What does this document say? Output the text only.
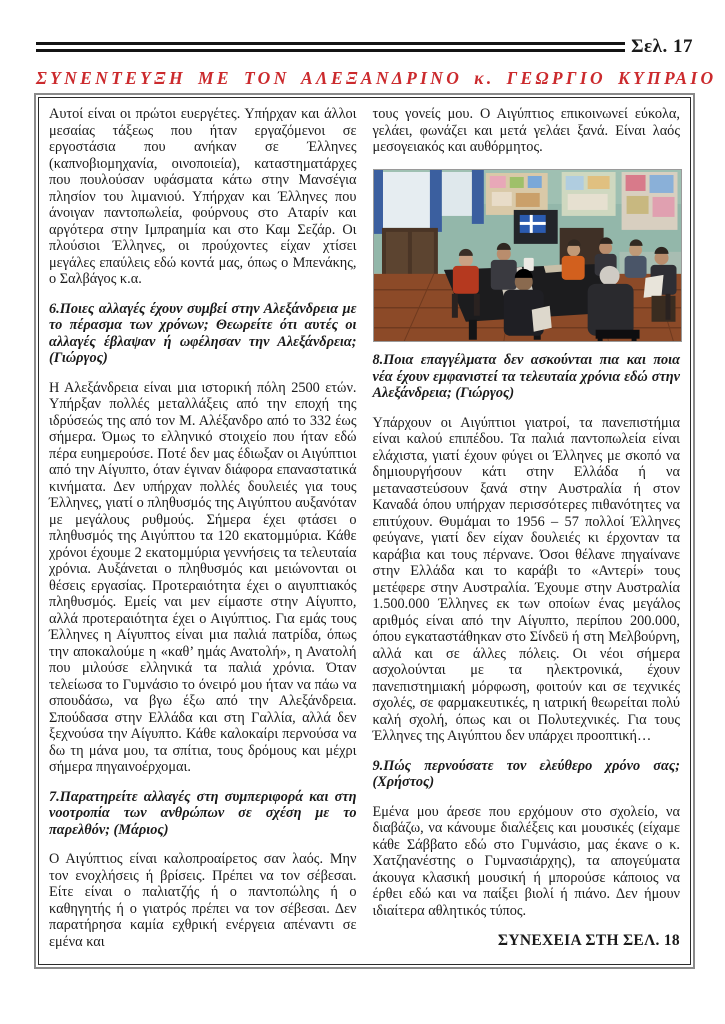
Σελ. 17
ΣΥΝΕΝΤΕΥΞΗ ΜΕ ΤΟΝ ΑΛΕΞΑΝΔΡΙΝΟ κ. ΓΕΩΡΓΙΟ ΚΥΠΡΑΙΟ

Αυτοί είναι οι πρώτοι ευεργέτες. Υπήρχαν και άλλοι μεσαίας τάξεως που ήταν εργαζόμενοι σε εργοστάσια που ανήκαν σε Έλληνες (καπνοβιομηχανία, οινοποιεία), καταστηματάρχες που πουλούσαν υφάσματα κάτω στην Μανσέγια πλησίον του λιμανιού. Υπήρχαν και Έλληνες που άνοιγαν παντοπωλεία, φούρνους στο Αταρίν και αργότερα στην Ιμπραημία και στο Καμ Σεζάρ. Οι πλούσιοι Έλληνες, οι προύχοντες είχαν χτίσει μεγάλες επαύλεις εδώ κοντά μας, όπως ο Μπενάκης, ο Σαλβάγος κ.α.

6.Ποιες αλλαγές έχουν συμβεί στην Αλεξάνδρεια με το πέρασμα των χρόνων; Θεωρείτε ότι αυτές οι αλλαγές έβλαψαν ή ωφέλησαν την Αλεξάνδρεια; (Γιώργος)

Η Αλεξάνδρεια είναι μια ιστορική πόλη 2500 ετών. Υπήρξαν πολλές μεταλλάξεις από την εποχή της ιδρύσεώς της από τον Μ. Αλέξανδρο από το 332 έως σήμερα. Όμως το ελληνικό στοιχείο που ήταν εδώ πέρα ευημερούσε. Ποτέ δεν μας έδιωξαν οι Αιγύπτιοι από την Αίγυπτο, όταν έγιναν διάφορα επαναστατικά κινήματα. Δεν υπήρχαν πολλές δουλειές για τους Έλληνες, γιατί ο πληθυσμός της Αιγύπτου αυξανόταν με μεγάλους ρυθμούς. Σήμερα έχει φτάσει ο πληθυσμός της Αιγύπτου τα 120 εκατομμύρια. Κάθε χρόνοι έχουμε 2 εκατομμύρια γεννήσεις τα τελευταία χρόνια. Αυξάνεται ο πληθυσμός και μειώνονται οι θέσεις εργασίας. Προτεραιότητα έχει ο αιγυπτιακός πληθυσμός. Εμείς ναι μεν είμαστε στην Αίγυπτο, αλλά προτεραιότητα έχει ο Αιγύπτιος. Για εμάς τους Έλληνες η Αίγυπτος είναι μια παλιά πατρίδα, όπως την αποκαλούμε η «καθ’ ημάς Ανατολή», η Ανατολή που μιλούσε ελληνικά τα παλιά χρόνια. Όταν τελείωσα το Γυμνάσιο το όνειρό μου ήταν να πάω να σπουδάσω, να βγω έξω από την Αλεξάνδρεια. Σπούδασα στην Ελλάδα και στη Γαλλία, αλλά δεν ξεχνούσα την Αίγυπτο. Κάθε καλοκαίρι περνούσα να δω τη μάνα μου, τα σπίτια, τους δρόμους και μέχρι σήμερα πηγαινοέρχομαι.

7.Παρατηρείτε αλλαγές στη συμπεριφορά και στη νοοτροπία των ανθρώπων σε σχέση με το παρελθόν; (Μάριος)

Ο Αιγύπτιος είναι καλοπροαίρετος σαν λαός. Μην τον ενοχλήσεις ή βρίσεις. Πρέπει να τον σέβεσαι. Είτε είναι ο παλιατζής ή ο παντοπώλης ή ο καθηγητής ή ο γιατρός πρέπει να τον σέβεσαι. Δεν παρατήρησα καμία εχθρική ενέργεια απέναντι σε εμένα και

τους γονείς μου. Ο Αιγύπτιος επικοινωνεί εύκολα, γελάει, φωνάζει και μετά γελάει ξανά. Είναι λαός μεσογειακός και αυθόρμητος.

8.Ποια επαγγέλματα δεν ασκούνται πια και ποια νέα έχουν εμφανιστεί τα τελευταία χρόνια εδώ στην Αλεξάνδρεια; (Γιώργος)

Υπάρχουν οι Αιγύπτιοι γιατροί, τα πανεπιστήμια είναι καλού επιπέδου. Τα παλιά παντοπωλεία είναι ελάχιστα, γιατί έχουν φύγει οι Έλληνες με σκοπό να δημιουργήσουν κάτι στην Ελλάδα ή να μεταναστεύσουν ξανά στην Αυστραλία ή στον Καναδά όπου υπήρχαν περισσότερες πιθανότητες να επιτύχουν. Θυμάμαι το 1956 – 57 πολλοί Έλληνες φεύγανε, γιατί δεν είχαν δουλειές κι έρχονταν τα καράβια και τους πέρνανε. Όσοι θέλανε πηγαίνανε στην Ελλάδα και το καράβι το «Αντερί» τους μετέφερε στην Αυστραλία. Έχουμε στην Αυστραλία 1.500.000 Έλληνες εκ των οποίων ένας μεγάλος αριθμός είναι από την Αίγυπτο, περίπου 200.000, όπου εγκαταστάθηκαν στο Σίνδεϋ ή στη Μελβούρνη, αλλά και σε άλλες πόλεις. Οι νέοι σήμερα ασχολούνται με τα ηλεκτρονικά, έχουν πανεπιστημιακή μόρφωση, φοιτούν και σε τεχνικές σχολές, σε φαρμακευτικές, η ιατρική θεωρείται πολύ καλή σχολή, όπως και οι Πολυτεχνικές. Για τους Έλληνες της Αιγύπτου δεν υπάρχει προοπτική…

9.Πώς περνούσατε τον ελεύθερο χρόνο σας; (Χρήστος)

Εμένα μου άρεσε που ερχόμουν στο σχολείο, να διαβάζω, να κάνουμε διαλέξεις και μουσικές (είχαμε κάθε Σάββατο εδώ στο Γυμνάσιο, μας έκανε ο κ. Χατζηανέστης ο Γυμνασιάρχης), τα απογεύματα άκουγα κλασική μουσική ή μπορούσε κάποιος να έρθει εδώ και να παίξει βιολί ή πιάνο. Δεν ήμουν ιδιαίτερα αθλητικός τύπος.

ΣΥΝΕΧΕΙΑ ΣΤΗ ΣΕΛ. 18
